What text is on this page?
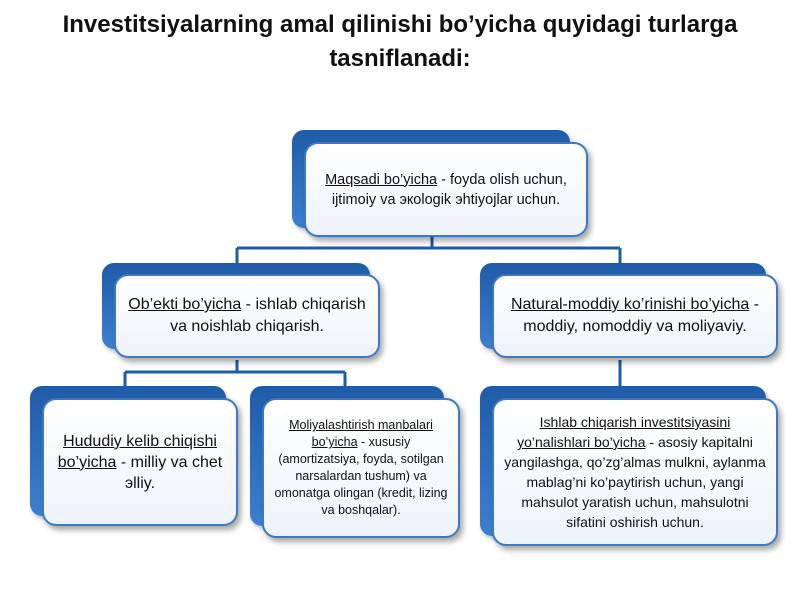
Investitsiyalarning amal qilinishi bo’yicha quyidagi turlarga tasniflanadi:
Maqsadi bo’yicha - foyda olish uchun, ijtimoiy va экologik эhtiyojlar uchun.
Ob’ekti bo’yicha - ishlab chiqarish va noishlab chiqarish.
Natural-moddiy ko’rinishi bo’yicha - moddiy, nomoddiy va moliyaviy.
Hududiy kelib chiqishi bo’yicha - milliy va chet эlliy.
Moliyalashtirish manbalari bo’yicha - xususiy (amortizatsiya, foyda, sotilgan narsalardan tushum) va omonatga olingan (kredit, lizing va boshqalar).
Ishlab chiqarish investitsiyasini yo’nalishlari bo’yicha - asosiy kapitalni yangilashga, qo’zg’almas mulkni, aylanma mablag’ni ko’paytirish uchun, yangi mahsulot yaratish uchun, mahsulotni sifatini oshirish uchun.
